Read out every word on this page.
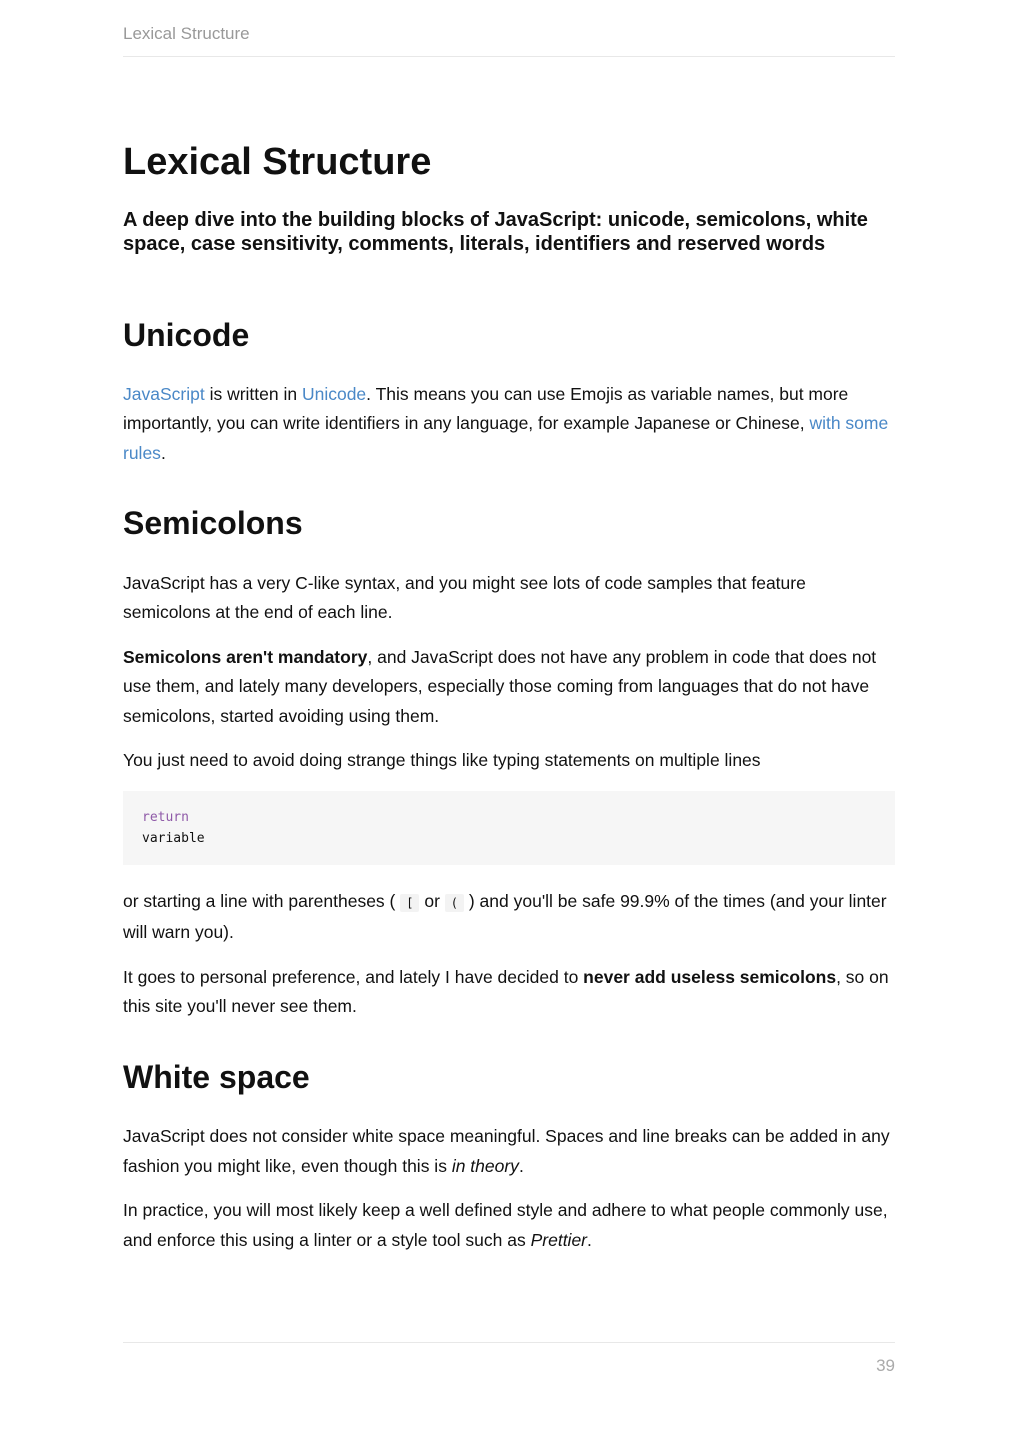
Lexical Structure
Lexical Structure
A deep dive into the building blocks of JavaScript: unicode, semicolons, white space, case sensitivity, comments, literals, identifiers and reserved words
Unicode

JavaScript is written in Unicode. This means you can use Emojis as variable names, but more importantly, you can write identifiers in any language, for example Japanese or Chinese, with some rules.

Semicolons

JavaScript has a very C-like syntax, and you might see lots of code samples that feature semicolons at the end of each line.

Semicolons aren't mandatory, and JavaScript does not have any problem in code that does not use them, and lately many developers, especially those coming from languages that do not have semicolons, started avoiding using them.

You just need to avoid doing strange things like typing statements on multiple lines

return
variable

or starting a line with parentheses ( [ or ( ) and you'll be safe 99.9% of the times (and your linter will warn you).

It goes to personal preference, and lately I have decided to never add useless semicolons, so on this site you'll never see them.

White space

JavaScript does not consider white space meaningful. Spaces and line breaks can be added in any fashion you might like, even though this is in theory.

In practice, you will most likely keep a well defined style and adhere to what people commonly use, and enforce this using a linter or a style tool such as Prettier.

39
